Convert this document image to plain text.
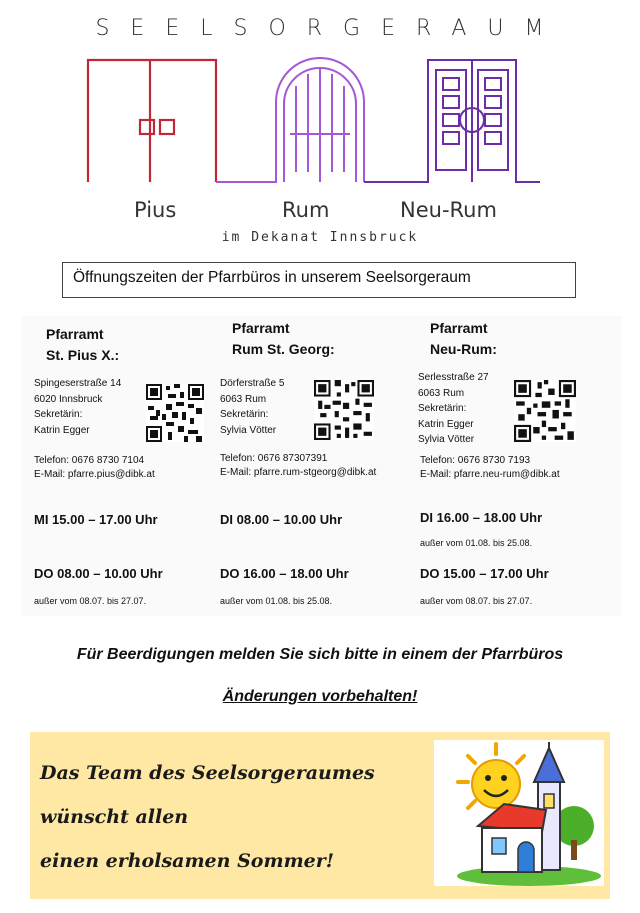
SEELSORGERAUM
Pius	Rum	Neu-Rum
im Dekanat Innsbruck
Öffnungszeiten der Pfarrbüros in unserem Seelsorgeraum
Pfarramt
St. Pius X.:
Spingeserstraße 14
6020 Innsbruck
Sekretärin:
Katrin Egger
Telefon: 0676 8730 7104
E-Mail: pfarre.pius@dibk.at
MI 15.00 – 17.00 Uhr
DO 08.00 – 10.00 Uhr
außer vom 08.07. bis 27.07.
Pfarramt
Rum St. Georg:
Dörferstraße 5
6063 Rum
Sekretärin:
Sylvia Vötter
Telefon: 0676 87307391
E-Mail: pfarre.rum-stgeorg@dibk.at
DI 08.00 – 10.00 Uhr
DO 16.00 – 18.00 Uhr
außer vom 01.08. bis 25.08.
Pfarramt
Neu-Rum:
Serlesstraße 27
6063 Rum
Sekretärin:
Katrin Egger
Sylvia Vötter
Telefon: 0676 8730 7193
E-Mail: pfarre.neu-rum@dibk.at
DI 16.00 – 18.00 Uhr
außer vom 01.08. bis 25.08.
DO 15.00 – 17.00 Uhr
außer vom 08.07. bis 27.07.
Für Beerdigungen melden Sie sich bitte in einem der Pfarrbüros
Änderungen vorbehalten!
Das Team des Seelsorgeraumes
wünscht allen
einen erholsamen Sommer!
